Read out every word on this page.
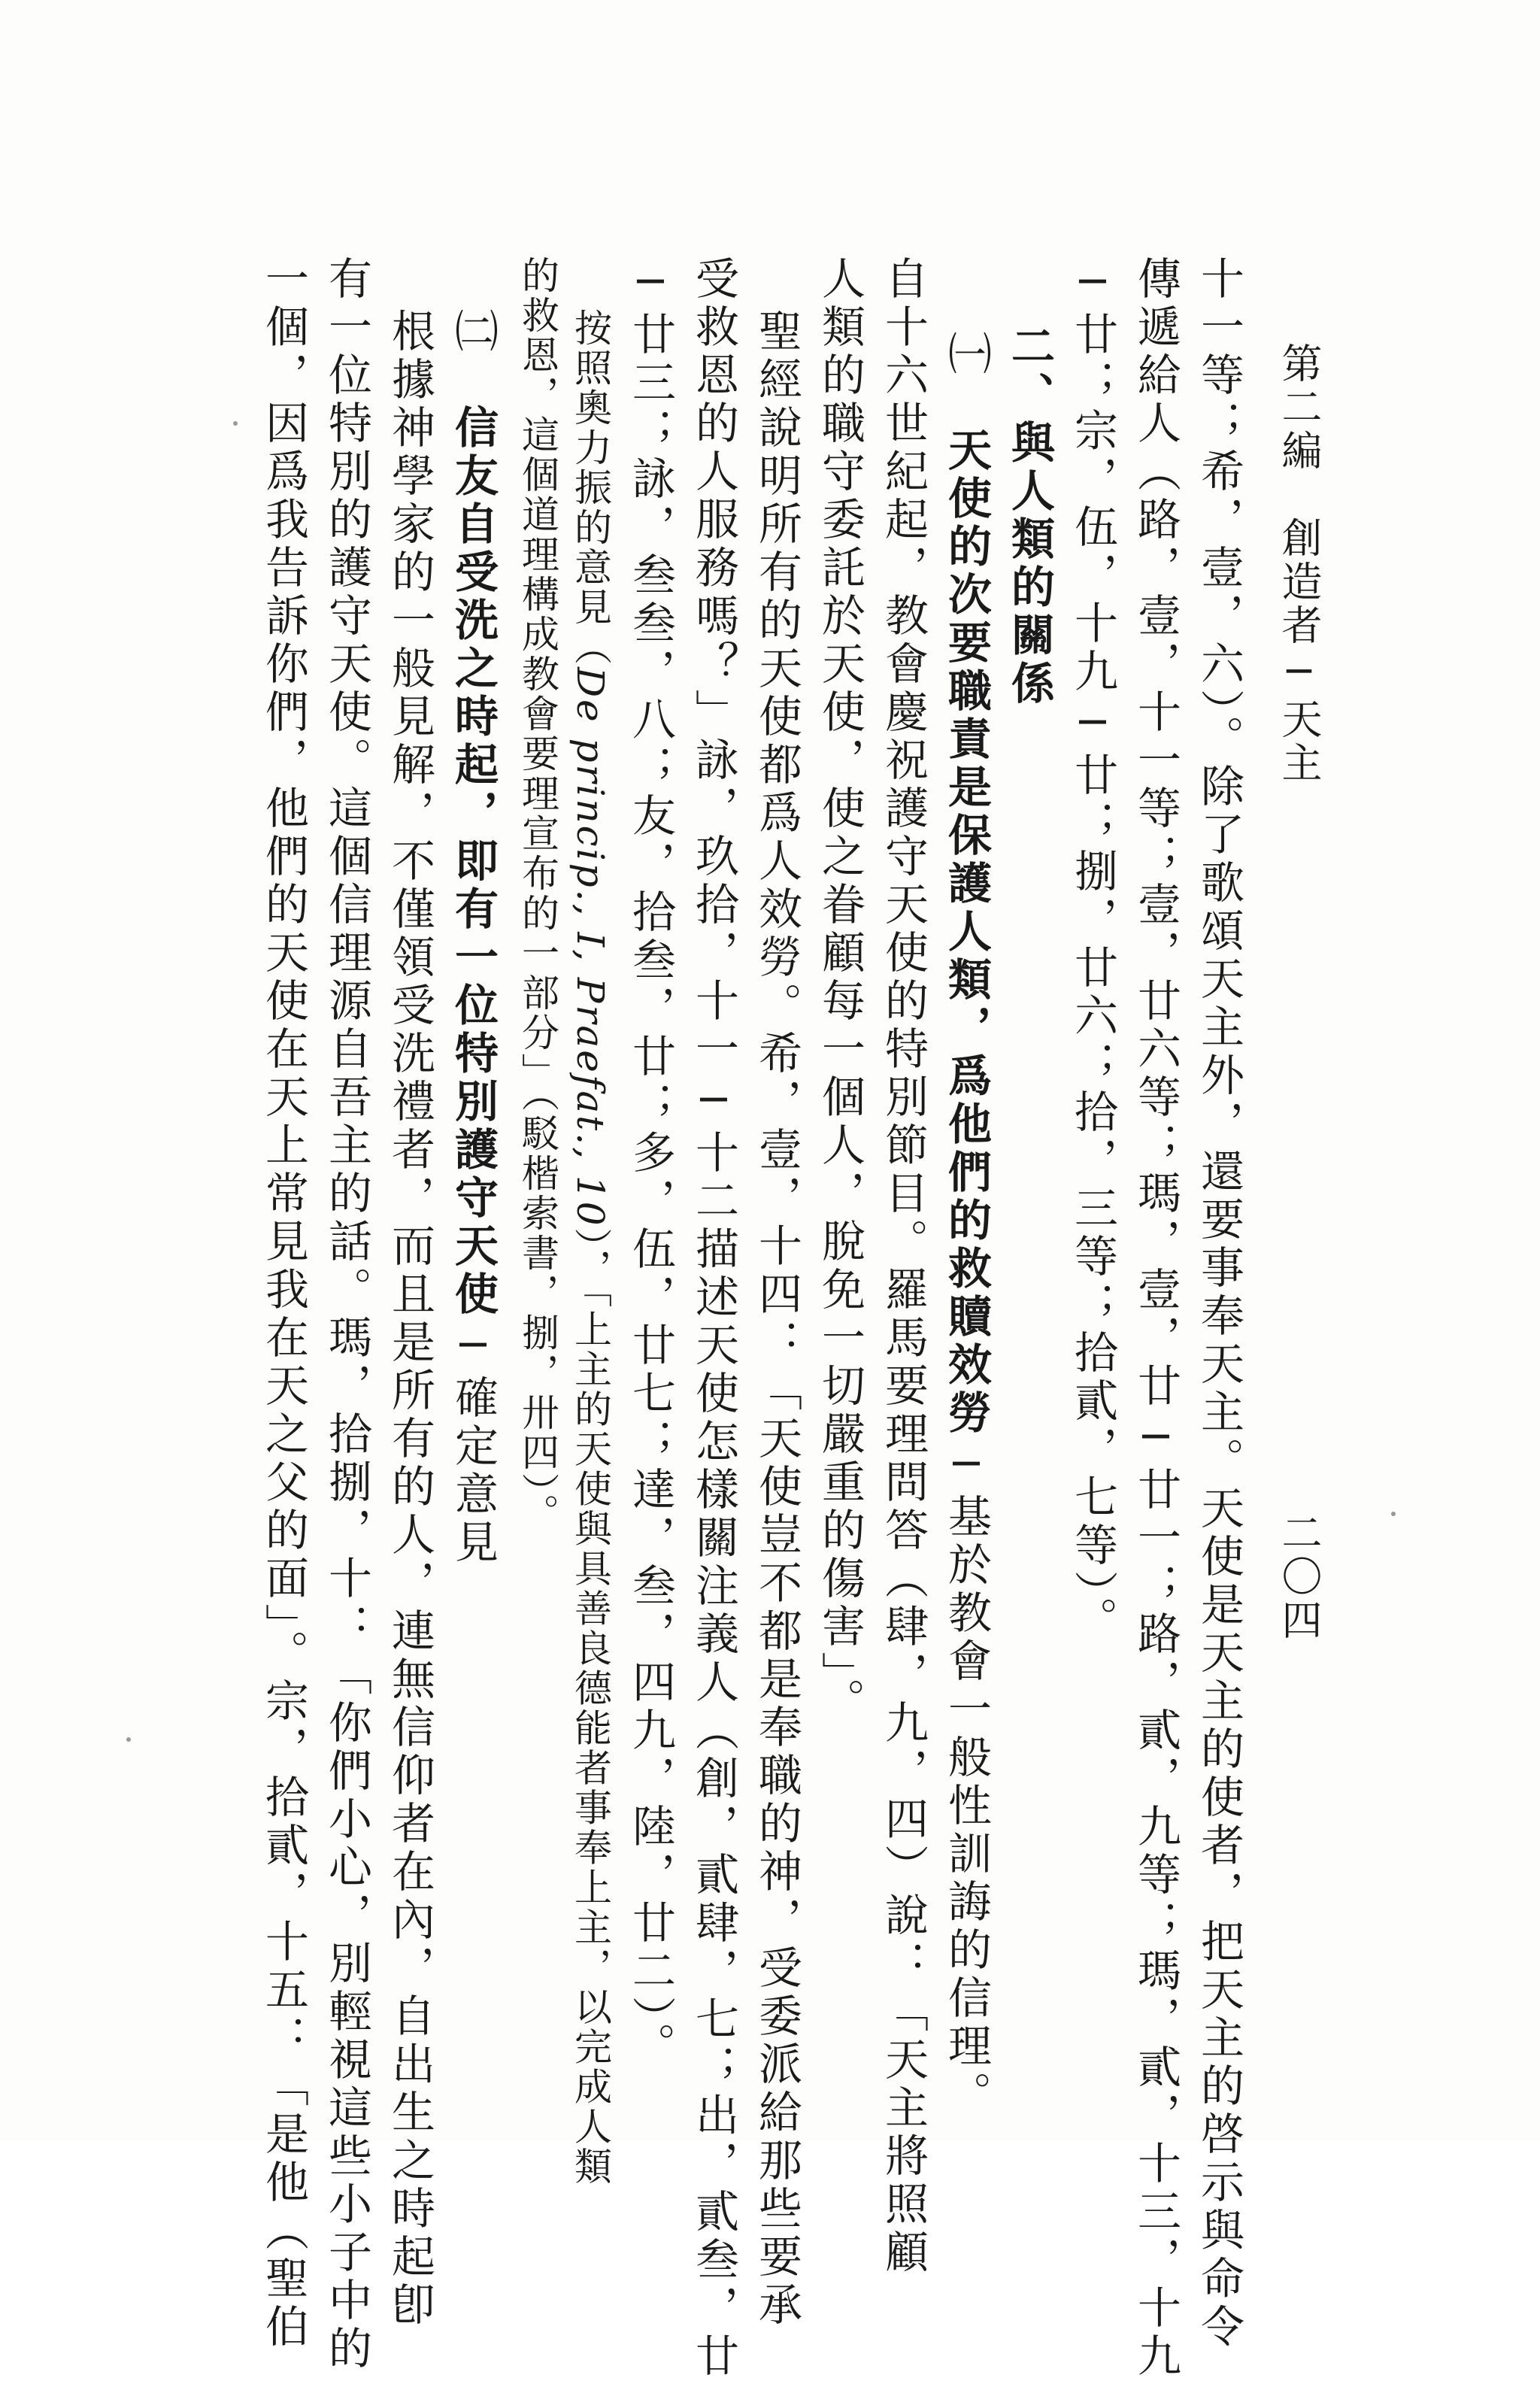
第二編　創造者─天主
二〇四
十一等；希，壹，六）。除了歌頌天主外，還要事奉天主。天使是天主的使者，把天主的啓示與命令
傳遞給人（路，壹，十一等；壹，廿六等；瑪，壹，廿─廿一；路，貳，九等；瑪，貳，十三，十九
─廿；宗，伍，十九─廿；捌，廿六；拾，三等；拾貳，七等）。
二、與人類的關係
㈠　天使的次要職責是保護人類，爲他們的救贖效勞─基於教會一般性訓誨的信理。
自十六世紀起，教會慶祝護守天使的特別節目。羅馬要理問答（肆，九，四）說：「天主將照顧
人類的職守委託於天使，使之眷顧每一個人，脫免一切嚴重的傷害」。
聖經說明所有的天使都爲人效勞。希，壹，十四：「天使豈不都是奉職的神，受委派給那些要承
受救恩的人服務嗎？」詠，玖拾，十一─十二描述天使怎樣關注義人（創，貳肆，七；出，貳叁，廿
─廿三；詠，叁叁，八；友，拾叁，廿；多，伍，廿七；達，叁，四九，陸，廿二）。
按照奧力振的意見（De princip., I, Praefat., 10），「上主的天使與具善良德能者事奉上主，以完成人類
的救恩，這個道理構成教會要理宣布的一部分」（駁楷索書，捌，卅四）。
㈡　信友自受洗之時起，即有一位特別護守天使─確定意見
根據神學家的一般見解，不僅領受洗禮者，而且是所有的人，連無信仰者在內，自出生之時起卽
有一位特別的護守天使。這個信理源自吾主的話。瑪，拾捌，十：「你們小心，別輕視這些小子中的
一個，因爲我告訴你們，他們的天使在天上常見我在天之父的面」。宗，拾貳，十五：「是他（聖伯
